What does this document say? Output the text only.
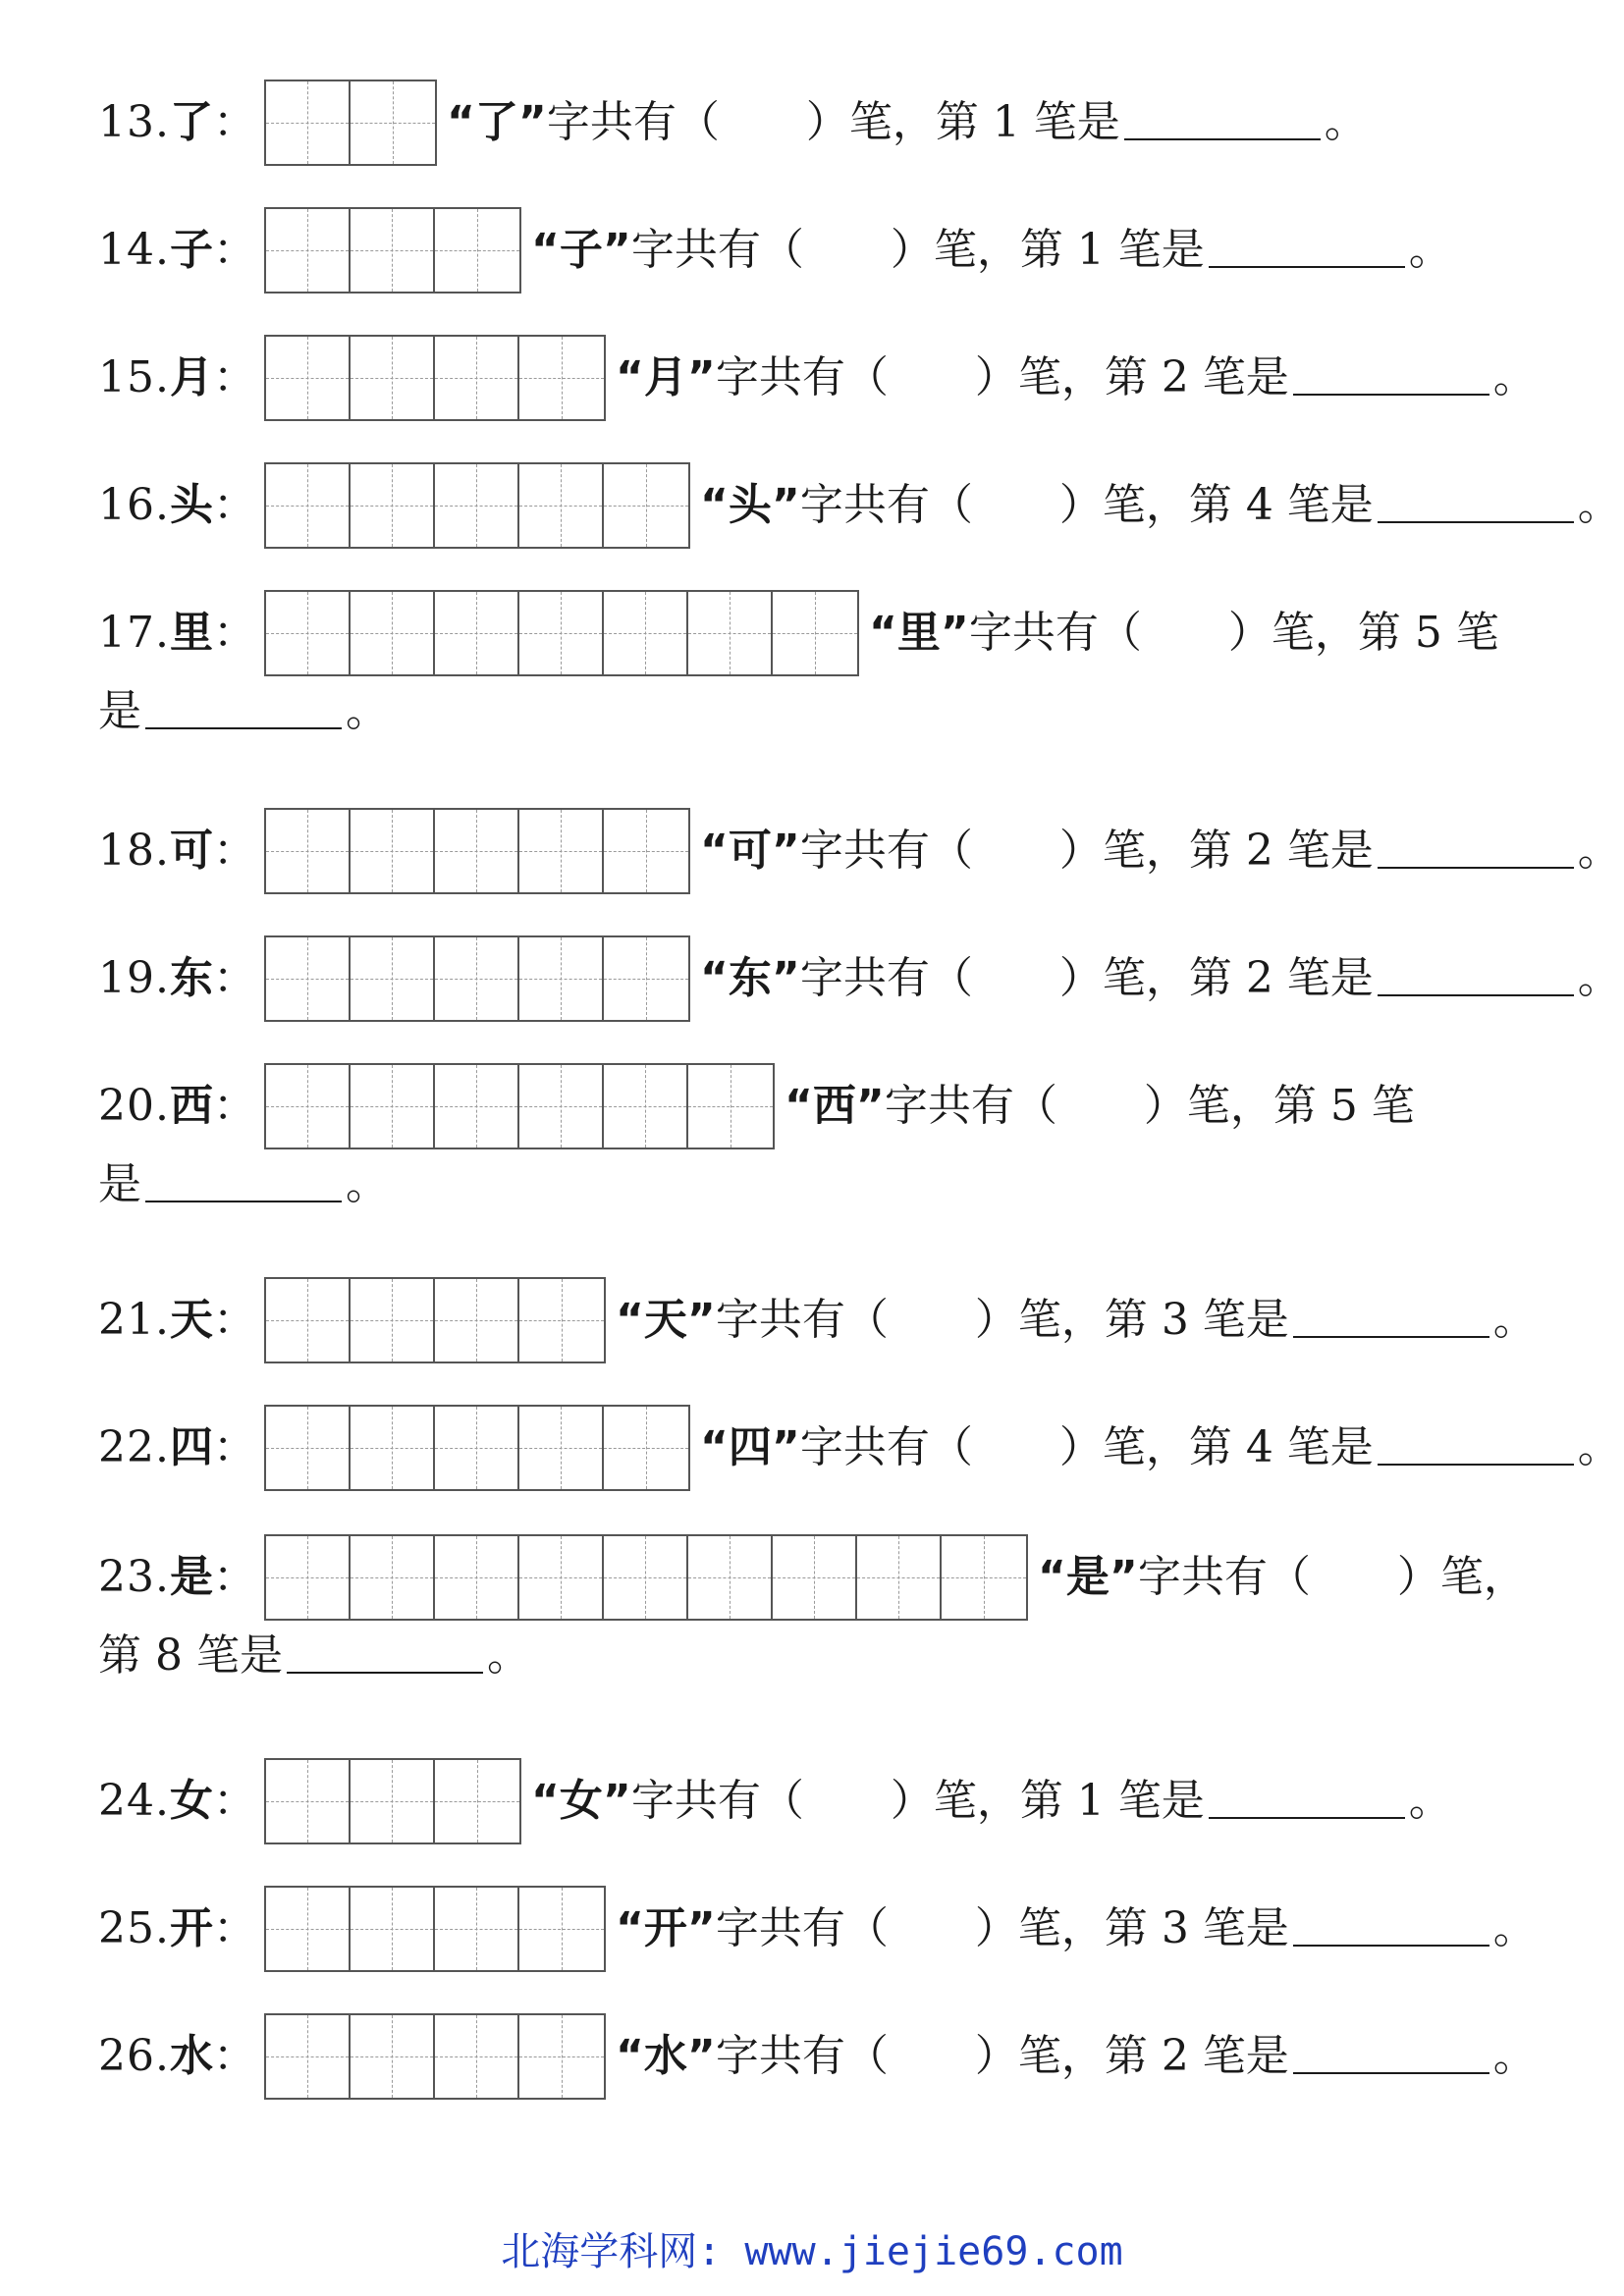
13. 了 ：	“了” 字共有（　　）笔，第 1 笔是	。
14. 子 ：	“子” 字共有（　　）笔，第 1 笔是	。
15. 月 ：	“月” 字共有（　　）笔，第 2 笔是	。
16. 头 ：	“头” 字共有（　　）笔，第 4 笔是	。
17. 里 ：	“里” 字共有（　　）笔，第 5 笔
是	。
18. 可 ：	“可” 字共有（　　）笔，第 2 笔是	。
19. 东 ：	“东” 字共有（　　）笔，第 2 笔是	。
20. 西 ：	“西” 字共有（　　）笔，第 5 笔
是	。
21. 天 ：	“天” 字共有（　　）笔，第 3 笔是	。
22. 四 ：	“四” 字共有（　　）笔，第 4 笔是	。
23. 是 ：	“是” 字共有（　　）笔，
第 8 笔是	。
24. 女 ：	“女” 字共有（　　）笔，第 1 笔是	。
25. 开 ：	“开” 字共有（　　）笔，第 3 笔是	。
26. 水 ：	“水” 字共有（　　）笔，第 2 笔是	。
北海学科网: www.jiejie69.com
